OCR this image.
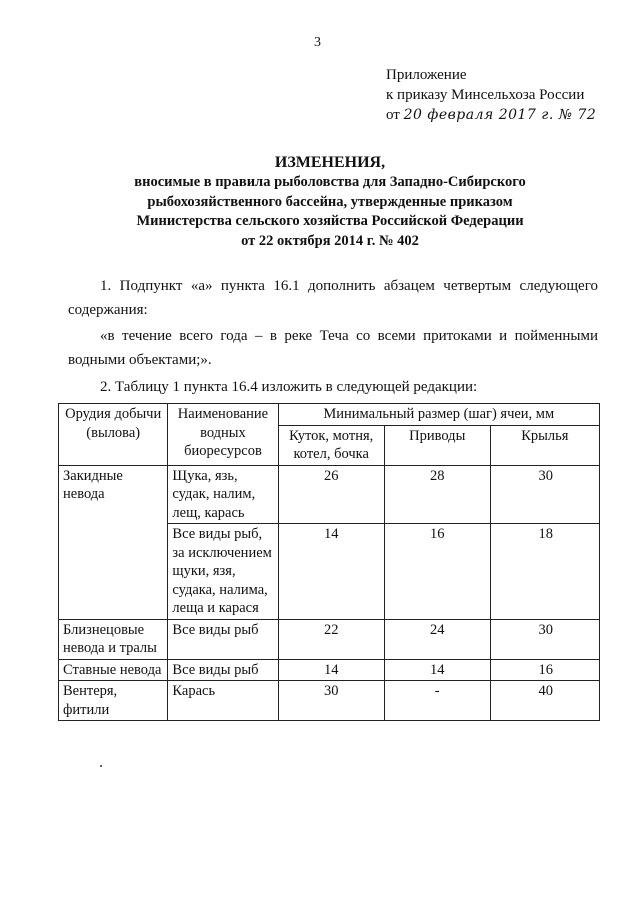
3
Приложение
к приказу Минсельхоза России
от 20 февраля 2017 г. № 72
ИЗМЕНЕНИЯ,
вносимые в правила рыболовства для Западно-Сибирского
рыбохозяйственного бассейна, утвержденные приказом
Министерства сельского хозяйства Российской Федерации
от 22 октября 2014 г. № 402
1. Подпункт «а» пункта 16.1 дополнить абзацем четвертым следующего содержания:
«в течение всего года – в реке Теча со всеми притоками и пойменными водными объектами;».
2. Таблицу 1 пункта 16.4 изложить в следующей редакции:
Орудия добычи (вылова)	Наименование водных биоресурсов	Минимальный размер (шаг) ячеи, мм		
		Куток, мотня, котел, бочка	Приводы	Крылья
Закидные невода	Щука, язь, судак, налим, лещ, карась	26	28	30
	Все виды рыб, за исключением щуки, язя, судака, налима, леща и карася	14	16	18
Близнецовые невода и тралы	Все виды рыб	22	24	30
Ставные невода	Все виды рыб	14	14	16
Вентеря, фитили	Карась	30	-	40
